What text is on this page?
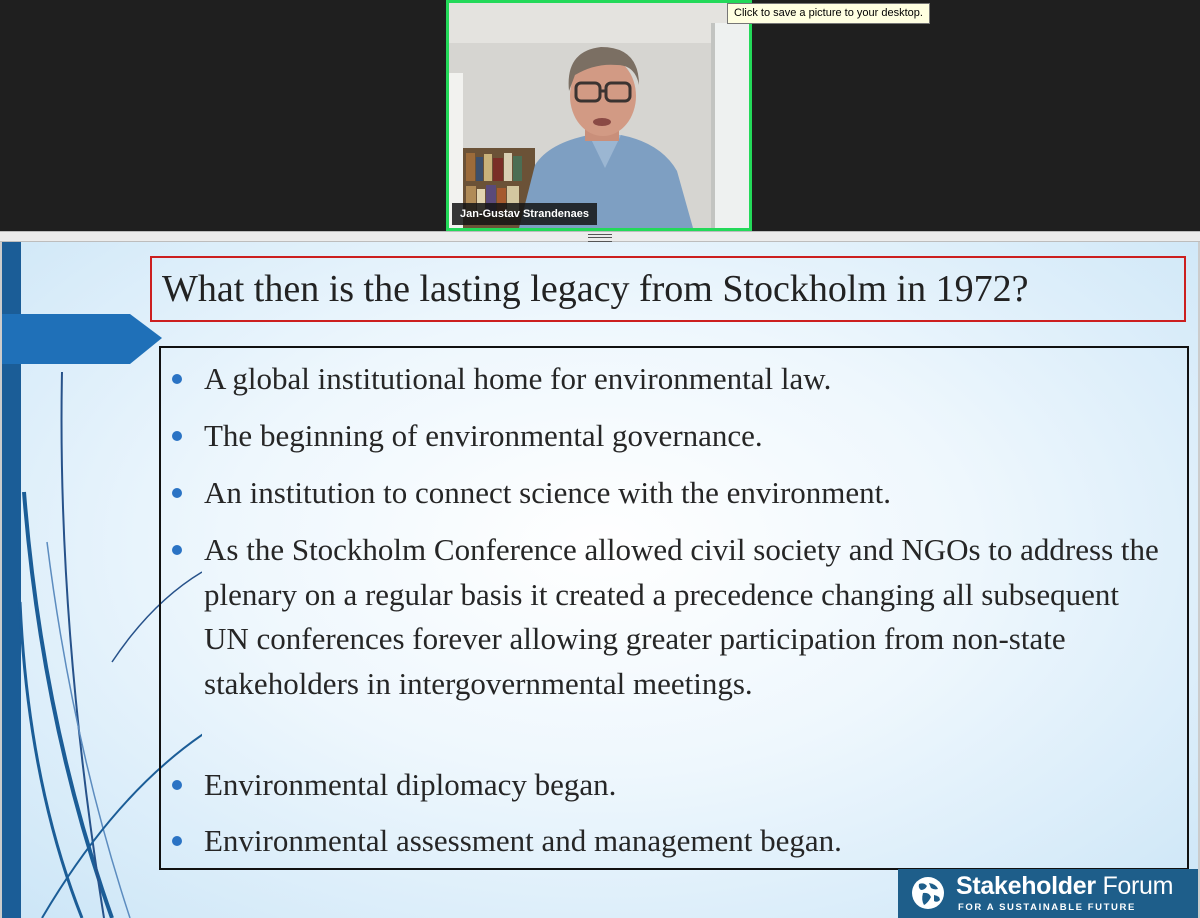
Jan-Gustav Strandenaes
Click to save a picture to your desktop.
What then is the lasting legacy from Stockholm in 1972?
A global institutional home for environmental law.
The beginning of environmental governance.
An institution to connect science with the environment.
As the Stockholm Conference allowed civil society and NGOs to address the plenary on a regular basis it created a precedence changing all subsequent UN conferences forever allowing greater participation from non-state stakeholders in intergovernmental meetings.
Environmental diplomacy began.
Environmental assessment and management began.
Stakeholder Forum
FOR A SUSTAINABLE FUTURE
